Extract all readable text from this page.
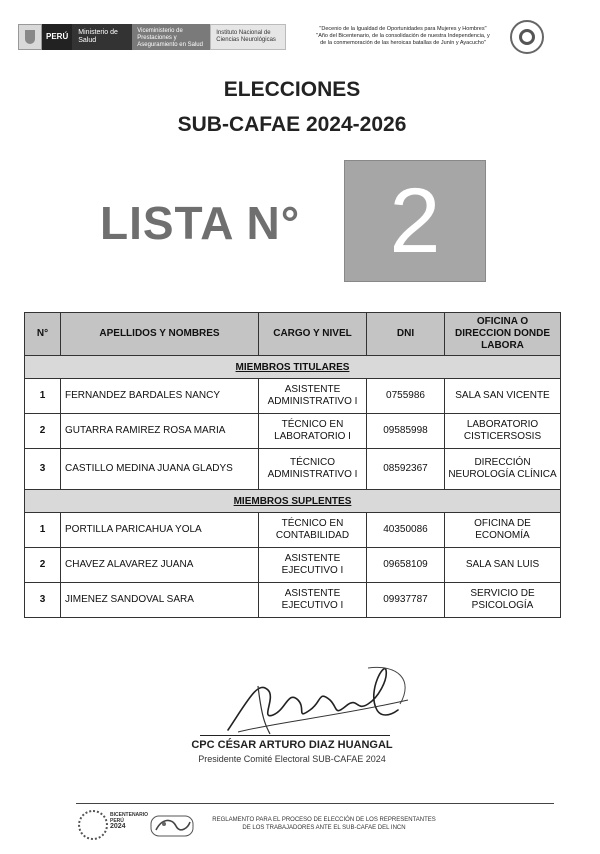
PERÚ	Ministerio de Salud
Viceministerio de Prestaciones y Aseguramiento en Salud
Instituto Nacional de Ciencias Neurológicas
"Decenio de la Igualdad de Oportunidades para Mujeres y Hombres"
"Año del Bicentenario, de la consolidación de nuestra Independencia, y
de la conmemoración de las heroicas batallas de Junín y Ayacucho"
ELECCIONES
SUB-CAFAE 2024-2026
LISTA N° 2
N°	APELLIDOS Y NOMBRES	CARGO Y NIVEL	DNI	OFICINA O DIRECCION DONDE LABORA
MIEMBROS TITULARES				
1	FERNANDEZ BARDALES NANCY	ASISTENTE ADMINISTRATIVO I	0755986	SALA SAN VICENTE
2	GUTARRA RAMIREZ ROSA MARIA	TÉCNICO EN LABORATORIO I	09585998	LABORATORIO CISTICERSOSIS
3	CASTILLO MEDINA JUANA GLADYS	TÉCNICO ADMINISTRATIVO I	08592367	DIRECCIÓN NEUROLOGÍA CLÍNICA
MIEMBROS SUPLENTES				
1	PORTILLA PARICAHUA YOLA	TÉCNICO EN CONTABILIDAD	40350086	OFICINA DE ECONOMÍA
2	CHAVEZ ALAVAREZ JUANA	ASISTENTE EJECUTIVO I	09658109	SALA SAN LUIS
3	JIMENEZ SANDOVAL SARA	ASISTENTE EJECUTIVO I	09937787	SERVICIO DE PSICOLOGÍA
CPC CÉSAR ARTURO DIAZ HUANGAL
Presidente Comité Electoral SUB-CAFAE 2024
BICENTENARIO PERÚ
2024
REGLAMENTO PARA EL PROCESO DE ELECCIÓN DE LOS REPRESENTANTES
DE LOS TRABAJADORES ANTE EL SUB-CAFAE DEL INCN
